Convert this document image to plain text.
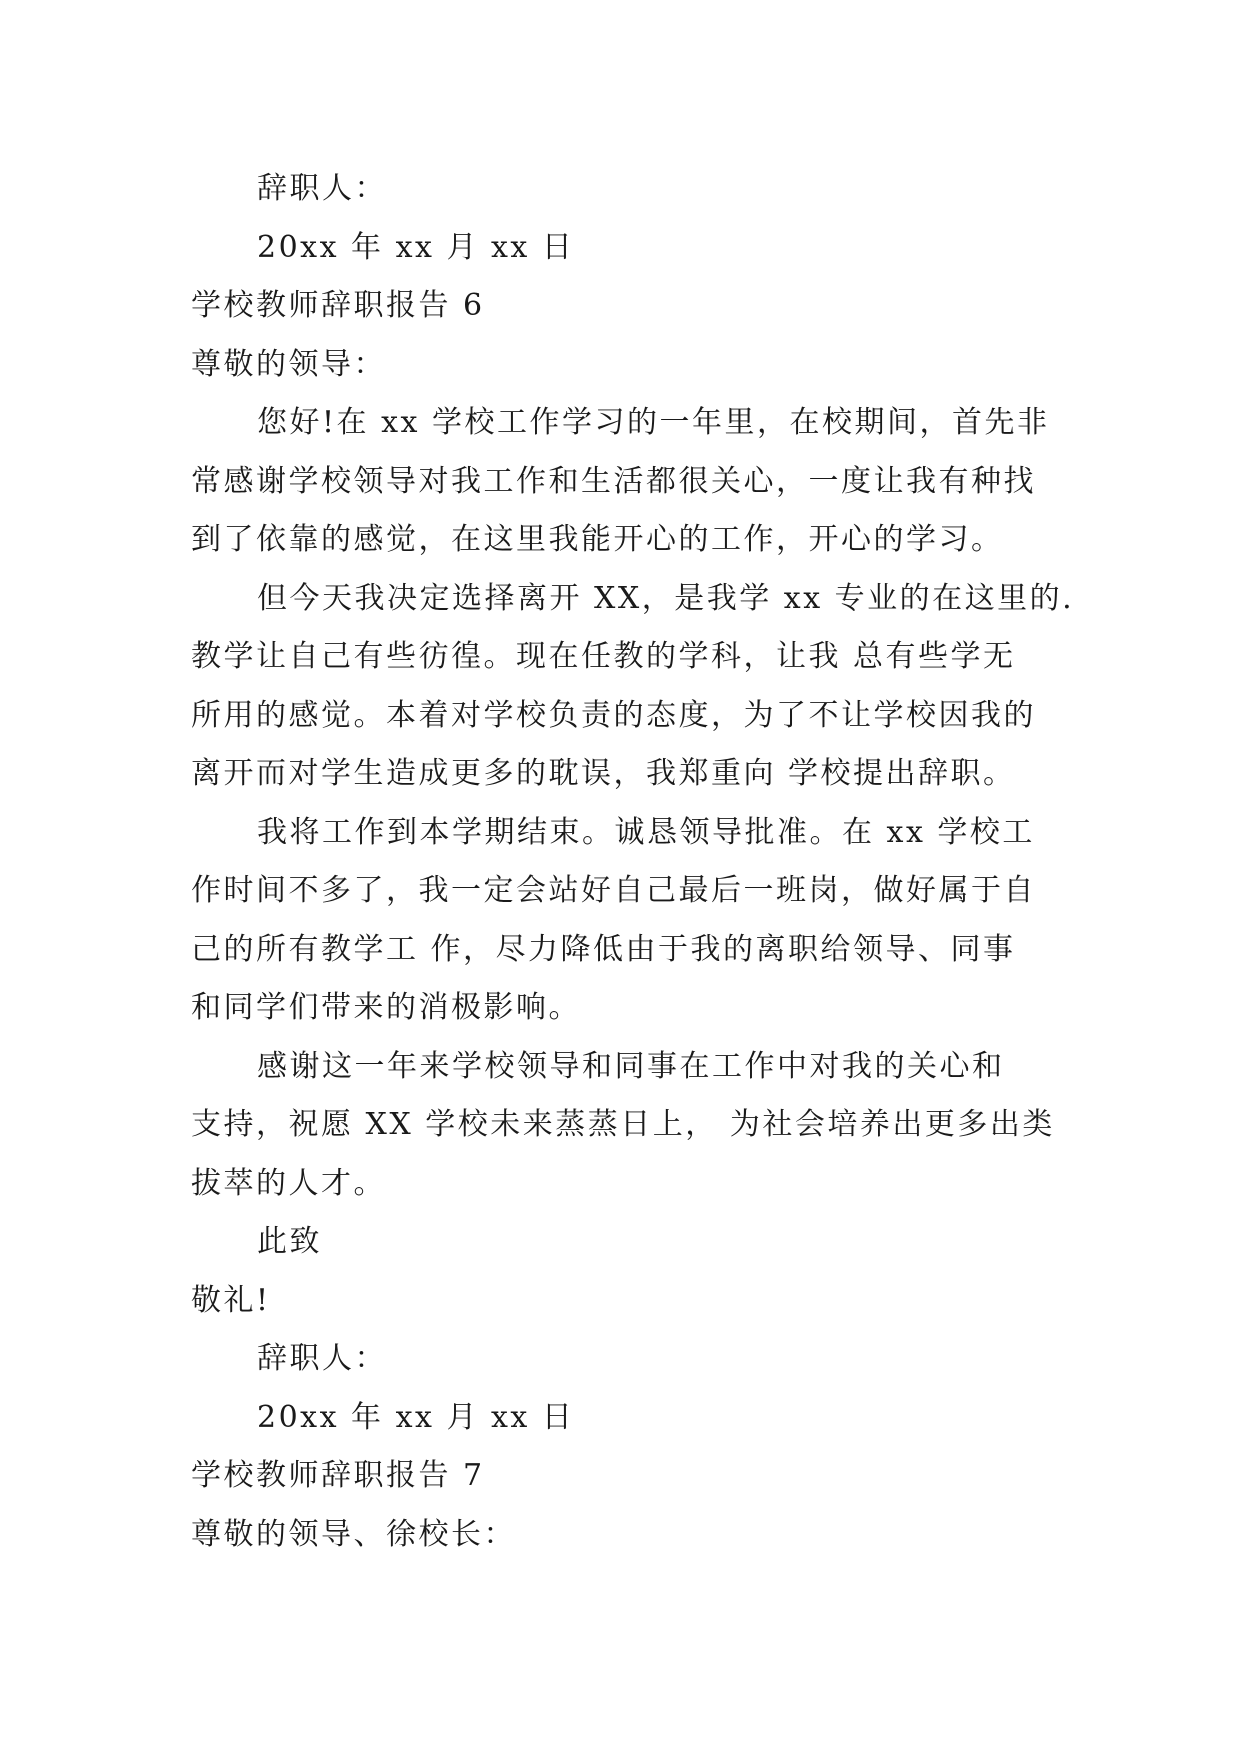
辞职人：
20xx 年 xx 月 xx 日
学校教师辞职报告 6
尊敬的领导：
您好!在 xx 学校工作学习的一年里，在校期间，首先非
常感谢学校领导对我工作和生活都很关心，一度让我有种找
到了依靠的感觉，在这里我能开心的工作，开心的学习。
但今天我决定选择离开 XX，是我学 xx 专业的在这里的.
教学让自己有些彷徨。现在任教的学科，让我 总有些学无
所用的感觉。本着对学校负责的态度，为了不让学校因我的
离开而对学生造成更多的耽误，我郑重向 学校提出辞职。
我将工作到本学期结束。诚恳领导批准。在 xx 学校工
作时间不多了，我一定会站好自己最后一班岗，做好属于自
己的所有教学工 作，尽力降低由于我的离职给领导、同事
和同学们带来的消极影响。
感谢这一年来学校领导和同事在工作中对我的关心和
支持，祝愿 XX 学校未来蒸蒸日上， 为社会培养出更多出类
拔萃的人才。
此致
敬礼!
辞职人：
20xx 年 xx 月 xx 日
学校教师辞职报告 7
尊敬的领导、徐校长：
